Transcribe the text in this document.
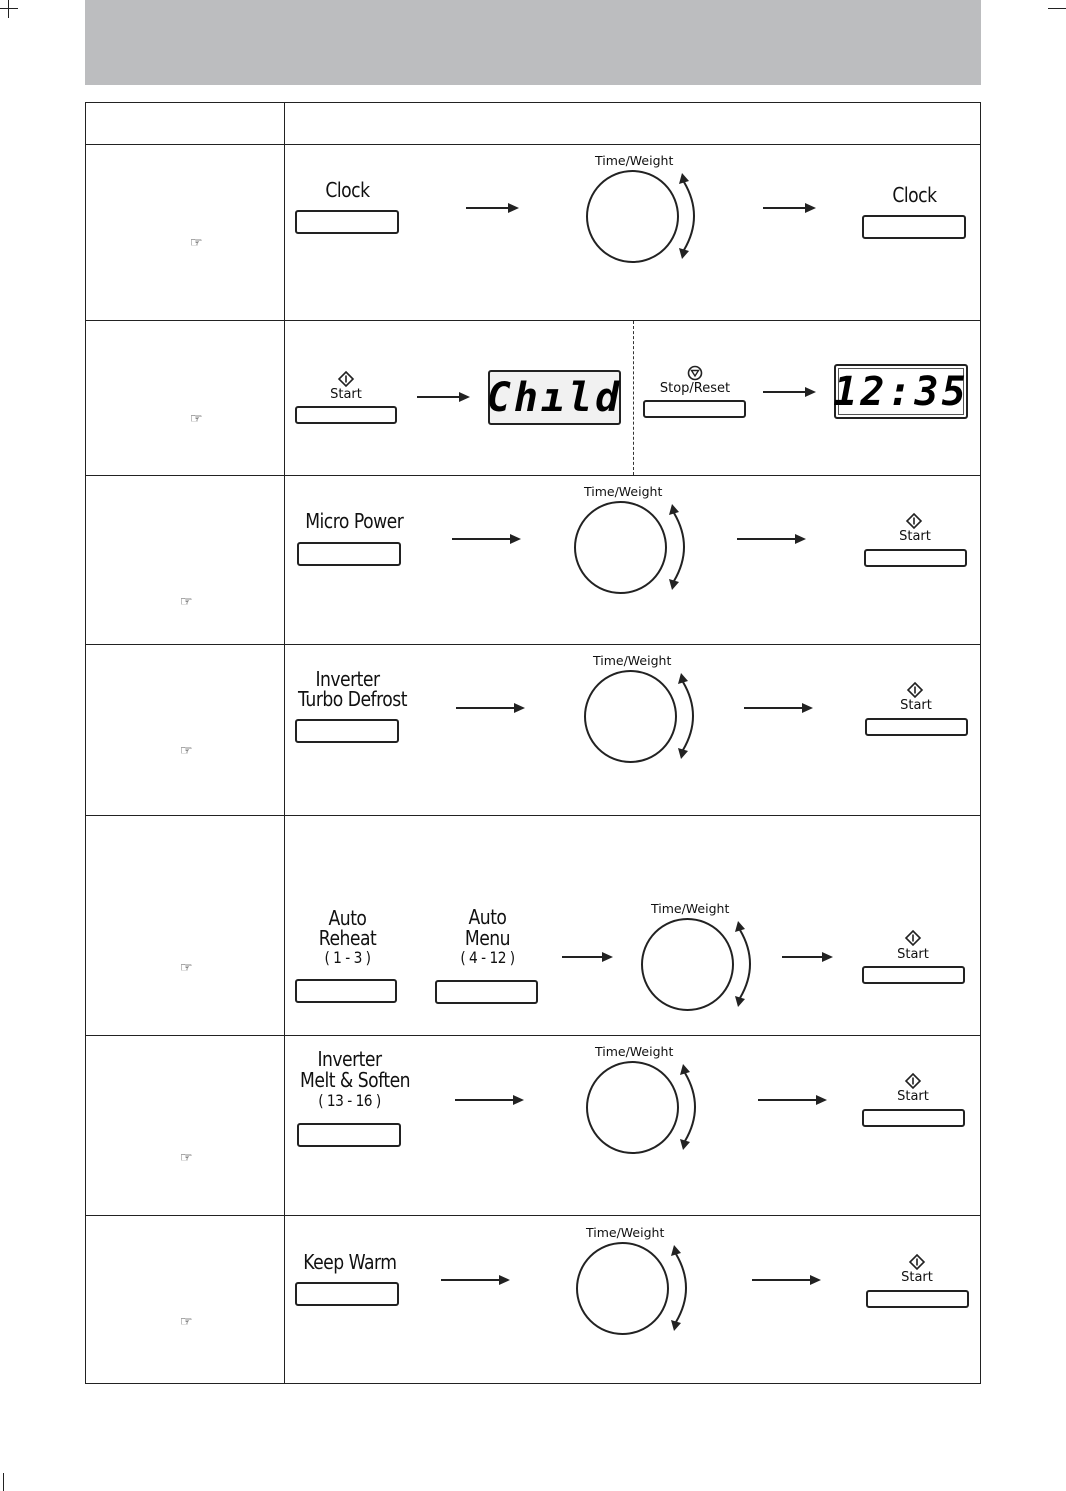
☞
Clock
Time/Weight
Clock
☞
Start	Chıld	Stop/Reset	12:35
☞
Micro Power
Time/Weight
Start
☞
Inverter
Turbo Defrost
Time/Weight
Start
☞
Auto
Reheat
( 1 - 3 )
Auto
Menu
( 4 - 12 )
Time/Weight
Start
☞
Inverter
Melt & Soften
( 13 - 16 )
Time/Weight
Start
☞
Keep Warm
Time/Weight
Start
